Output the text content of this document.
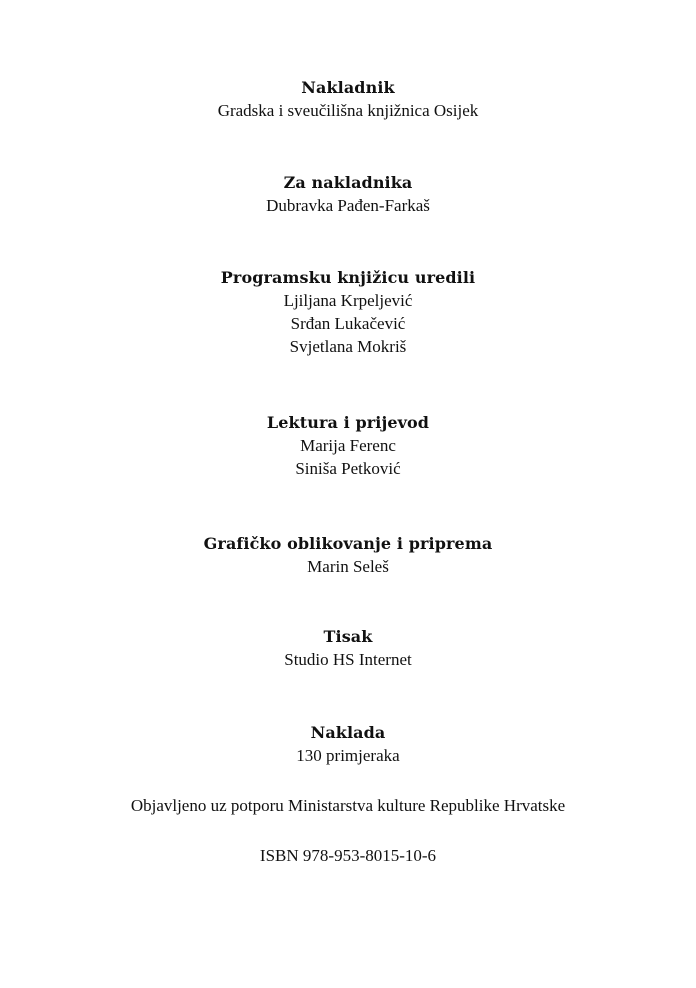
Nakladnik

Gradska i sveučilišna knjižnica Osijek

Za nakladnika

Dubravka Pađen-Farkaš

Programsku knjižicu uredili

Ljiljana Krpeljević

Srđan Lukačević

Svjetlana Mokriš

Lektura i prijevod

Marija Ferenc

Siniša Petković

Grafičko oblikovanje i priprema

Marin Seleš

Tisak

Studio HS Internet

Naklada

130 primjeraka

Objavljeno uz potporu Ministarstva kulture Republike Hrvatske

ISBN 978-953-8015-10-6
